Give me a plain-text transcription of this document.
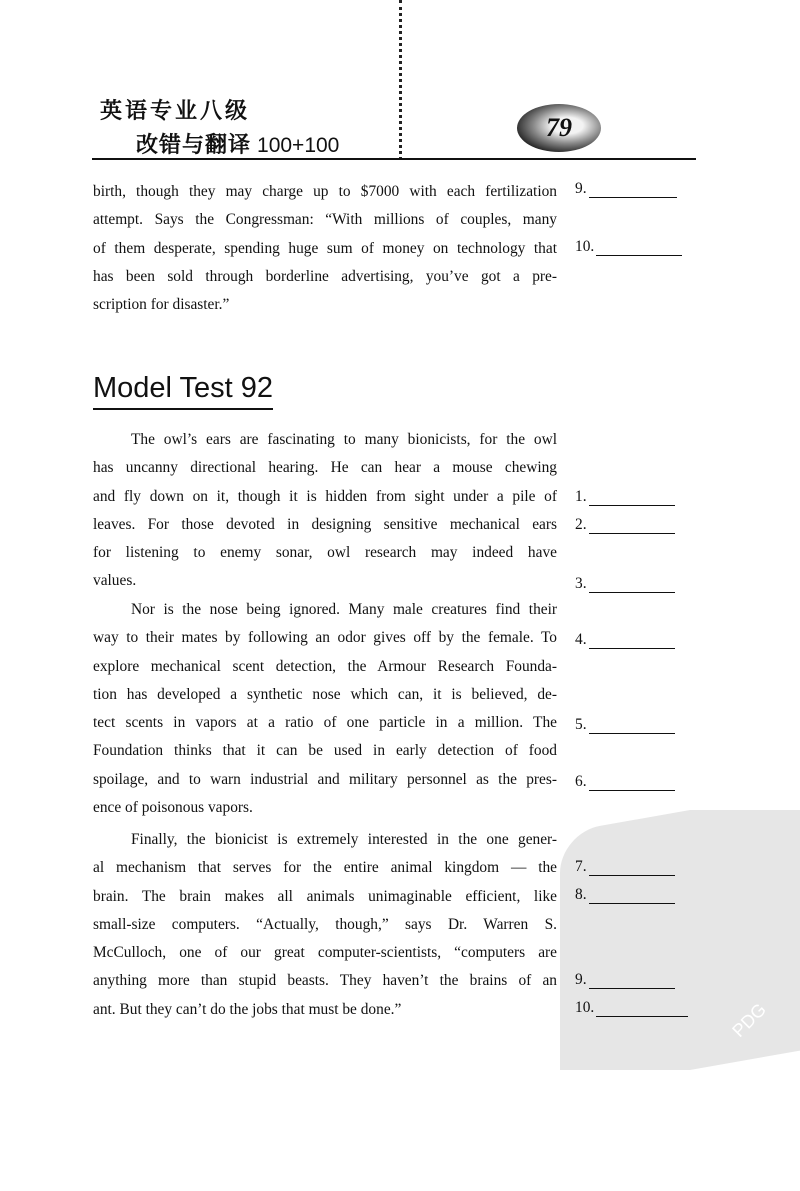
英语专业八级
改错与翻译 100+100
79
PDG
birth, though they may charge up to $7000 with each fertilization
attempt. Says the Congressman: “With millions of couples, many
of them desperate, spending huge sum of money on technology that
has been sold through borderline advertising, you’ve got a pre-
scription for disaster.”
9.
10.
Model Test 92
The owl’s ears are fascinating to many bionicists, for the owl
has uncanny directional hearing. He can hear a mouse chewing
and fly down on it, though it is hidden from sight under a pile of
leaves. For those devoted in designing sensitive mechanical ears
for listening to enemy sonar, owl research may indeed have
values.
Nor is the nose being ignored. Many male creatures find their
way to their mates by following an odor gives off by the female. To
explore mechanical scent detection, the Armour Research Founda-
tion has developed a synthetic nose which can, it is believed, de-
tect scents in vapors at a ratio of one particle in a million. The
Foundation thinks that it can be used in early detection of food
spoilage, and to warn industrial and military personnel as the pres-
ence of poisonous vapors.
Finally, the bionicist is extremely interested in the one gener-
al mechanism that serves for the entire animal kingdom — the
brain. The brain makes all animals unimaginable efficient, like
small-size computers. “Actually, though,” says Dr. Warren S.
McCulloch, one of our great computer-scientists, “computers are
anything more than stupid beasts. They haven’t the brains of an
ant. But they can’t do the jobs that must be done.”
1.
2.
3.
4.
5.
6.
7.
8.
9.
10.
